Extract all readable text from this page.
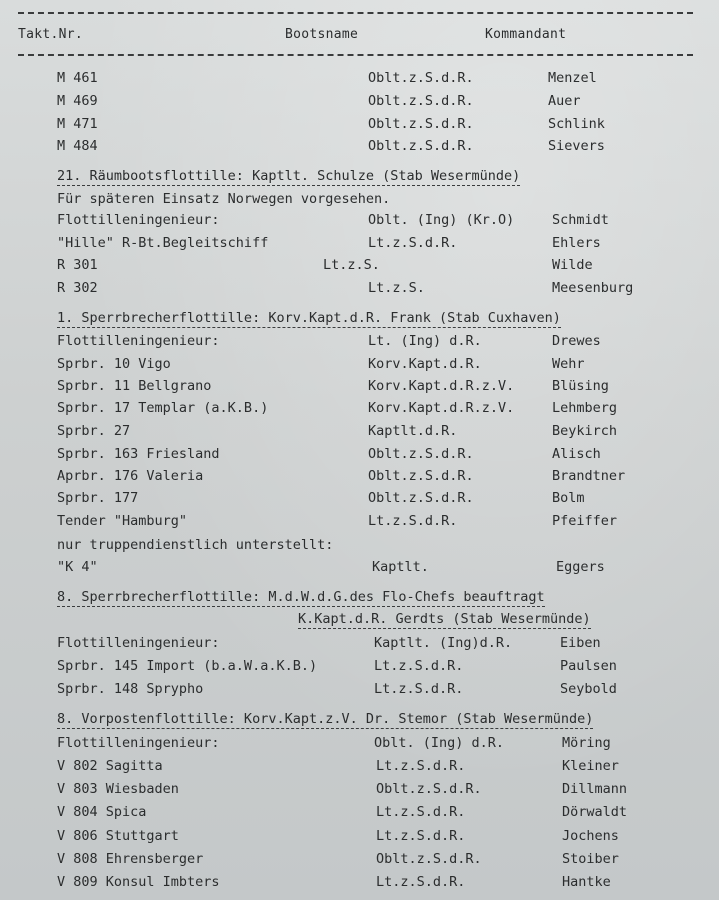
Takt.Nr.	Bootsname	Kommandant
M 461	Oblt.z.S.d.R.	Menzel
M 469	Oblt.z.S.d.R.	Auer
M 471	Oblt.z.S.d.R.	Schlink
M 484	Oblt.z.S.d.R.	Sievers
21. Räumbootsflottille: Kaptlt. Schulze (Stab Wesermünde)
Für späteren Einsatz Norwegen vorgesehen.
Flottilleningenieur:	Oblt. (Ing) (Kr.O)	Schmidt
"Hille" R-Bt.Begleitschiff	Lt.z.S.d.R.	Ehlers
R 301	Lt.z.S.	Wilde
R 302	Lt.z.S.	Meesenburg
1. Sperrbrecherflottille: Korv.Kapt.d.R. Frank (Stab Cuxhaven)
Flottilleningenieur:	Lt. (Ing) d.R.	Drewes
Sprbr. 10 Vigo	Korv.Kapt.d.R.	Wehr
Sprbr. 11 Bellgrano	Korv.Kapt.d.R.z.V.	Blüsing
Sprbr. 17 Templar (a.K.B.)	Korv.Kapt.d.R.z.V.	Lehmberg
Sprbr. 27	Kaptlt.d.R.	Beykirch
Sprbr. 163 Friesland	Oblt.z.S.d.R.	Alisch
Aprbr. 176 Valeria	Oblt.z.S.d.R.	Brandtner
Sprbr. 177	Oblt.z.S.d.R.	Bolm
Tender "Hamburg"	Lt.z.S.d.R.	Pfeiffer
nur truppendienstlich unterstellt:
"K 4"	Kaptlt.	Eggers
8. Sperrbrecherflottille: M.d.W.d.G.des Flo-Chefs beauftragt
K.Kapt.d.R. Gerdts (Stab Wesermünde)
Flottilleningenieur:	Kaptlt. (Ing)d.R.	Eiben
Sprbr. 145 Import (b.a.W.a.K.B.)	Lt.z.S.d.R.	Paulsen
Sprbr. 148 Sprypho	Lt.z.S.d.R.	Seybold
8. Vorpostenflottille: Korv.Kapt.z.V. Dr. Stemor (Stab Wesermünde)
Flottilleningenieur:	Oblt. (Ing) d.R.	Möring
V 802 Sagitta	Lt.z.S.d.R.	Kleiner
V 803 Wiesbaden	Oblt.z.S.d.R.	Dillmann
V 804 Spica	Lt.z.S.d.R.	Dörwaldt
V 806 Stuttgart	Lt.z.S.d.R.	Jochens
V 808 Ehrensberger	Oblt.z.S.d.R.	Stoiber
V 809 Konsul Imbters	Lt.z.S.d.R.	Hantke
